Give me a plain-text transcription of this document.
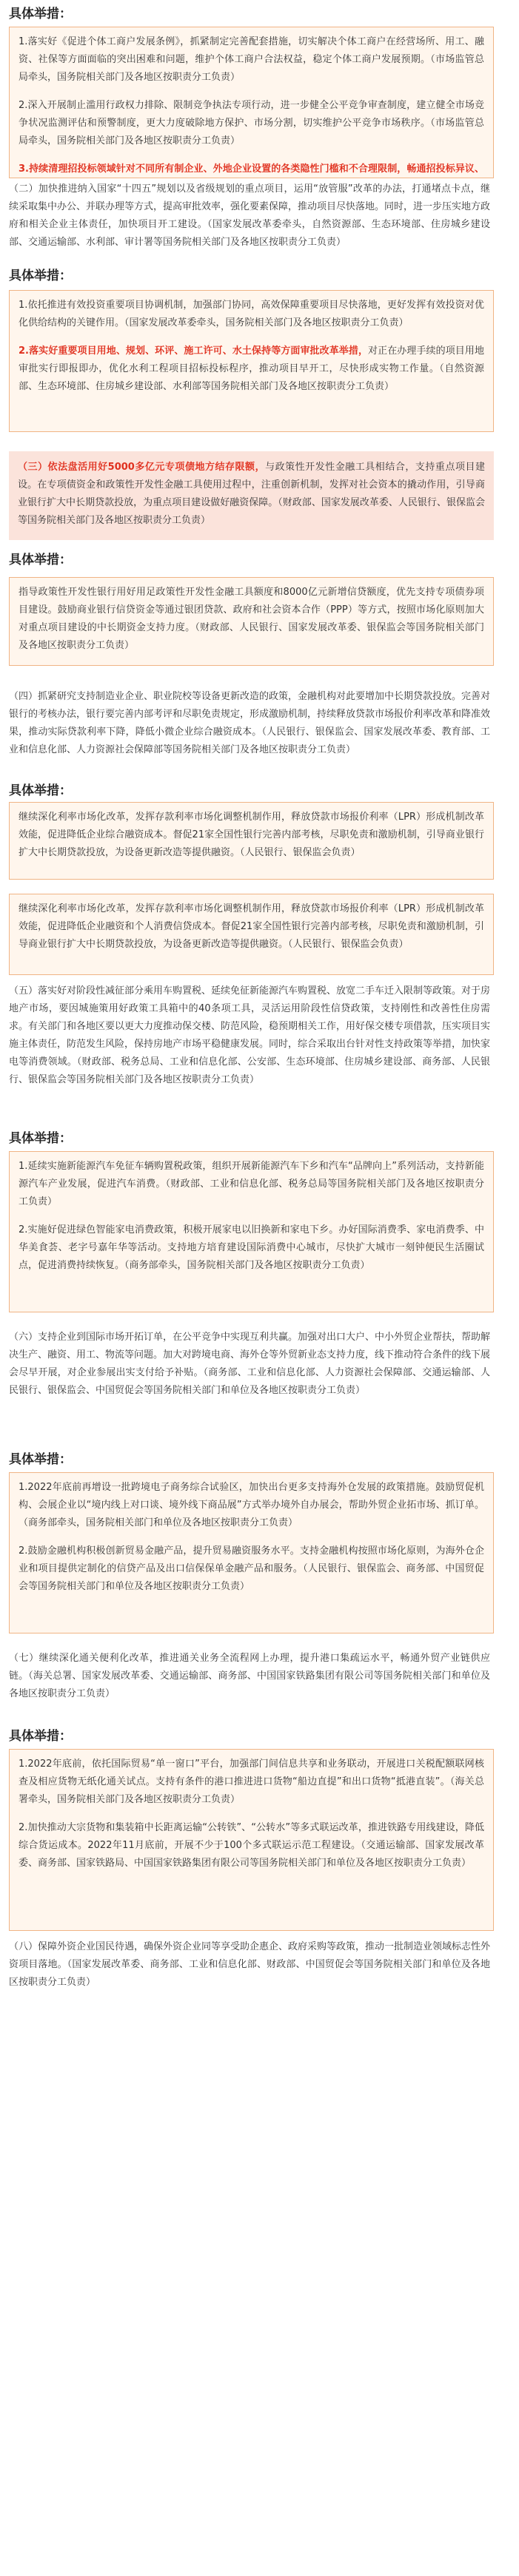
具体举措：

1.落实好《促进个体工商户发展条例》，抓紧制定完善配套措施，切实解决个体工商户在经营场所、用工、融资、社保等方面面临的突出困难和问题，维护个体工商户合法权益，稳定个体工商户发展预期。（市场监管总局牵头，国务院相关部门及各地区按职责分工负责）

2.深入开展制止滥用行政权力排除、限制竞争执法专项行动，进一步健全公平竞争审查制度，建立健全市场竞争状况监测评估和预警制度，更大力度破除地方保护、市场分割，切实维护公平竞争市场秩序。（市场监管总局牵头，国务院相关部门及各地区按职责分工负责）

3.持续清理招投标领域针对不同所有制企业、外地企业设置的各类隐性门槛和不合理限制，畅通招投标异议、

（二）加快推进纳入国家“十四五”规划以及省级规划的重点项目，运用“放管服”改革的办法，打通堵点卡点，继续采取集中办公、并联办理等方式，提高审批效率，强化要素保障，推动项目尽快落地。同时，进一步压实地方政府和相关企业主体责任，加快项目开工建设。（国家发展改革委牵头，自然资源部、生态环境部、住房城乡建设部、交通运输部、水利部、审计署等国务院相关部门及各地区按职责分工负责）

具体举措：

1.依托推进有效投资重要项目协调机制，加强部门协同，高效保障重要项目尽快落地，更好发挥有效投资对优化供给结构的关键作用。（国家发展改革委牵头，国务院相关部门及各地区按职责分工负责）

2.落实好重要项目用地、规划、环评、施工许可、水土保持等方面审批改革举措，对正在办理手续的项目用地审批实行即报即办，优化水利工程项目招标投标程序，推动项目早开工，尽快形成实物工作量。（自然资源部、生态环境部、住房城乡建设部、水利部等国务院相关部门及各地区按职责分工负责）

（三）依法盘活用好5000多亿元专项债地方结存限额，与政策性开发性金融工具相结合，支持重点项目建设。在专项债资金和政策性开发性金融工具使用过程中，注重创新机制，发挥对社会资本的撬动作用，引导商业银行扩大中长期贷款投放，为重点项目建设做好融资保障。（财政部、国家发展改革委、人民银行、银保监会等国务院相关部门及各地区按职责分工负责）

具体举措：

指导政策性开发性银行用好用足政策性开发性金融工具额度和8000亿元新增信贷额度，优先支持专项债券项目建设。鼓励商业银行信贷资金等通过银团贷款、政府和社会资本合作（PPP）等方式，按照市场化原则加大对重点项目建设的中长期资金支持力度。（财政部、人民银行、国家发展改革委、银保监会等国务院相关部门及各地区按职责分工负责）

（四）抓紧研究支持制造业企业、职业院校等设备更新改造的政策，金融机构对此要增加中长期贷款投放。完善对银行的考核办法，银行要完善内部考评和尽职免责规定，形成激励机制，持续释放贷款市场报价利率改革和降准效果，推动实际贷款利率下降，降低小微企业综合融资成本。（人民银行、银保监会、国家发展改革委、教育部、工业和信息化部、人力资源社会保障部等国务院相关部门及各地区按职责分工负责）

具体举措：

继续深化利率市场化改革，发挥存款利率市场化调整机制作用，释放贷款市场报价利率（LPR）形成机制改革效能，促进降低企业综合融资成本。督促21家全国性银行完善内部考核，尽职免责和激励机制，引导商业银行扩大中长期贷款投放，为设备更新改造等提供融资。（人民银行、银保监会负责）

继续深化利率市场化改革，发挥存款利率市场化调整机制作用，释放贷款市场报价利率（LPR）形成机制改革效能，促进降低企业融资和个人消费信贷成本。督促21家全国性银行完善内部考核，尽职免责和激励机制，引导商业银行扩大中长期贷款投放，为设备更新改造等提供融资。（人民银行、银保监会负责）

（五）落实好对阶段性减征部分乘用车购置税、延续免征新能源汽车购置税、放宽二手车迁入限制等政策。对于房地产市场，要因城施策用好政策工具箱中的40条项工具，灵活运用阶段性信贷政策，支持刚性和改善性住房需求。有关部门和各地区要以更大力度推动保交楼、防范风险，稳预期相关工作，用好保交楼专项借款，压实项目实施主体责任，防范发生风险，保持房地产市场平稳健康发展。同时，综合采取出台针对性支持政策等举措，加快家电等消费领域。（财政部、税务总局、工业和信息化部、公安部、生态环境部、住房城乡建设部、商务部、人民银行、银保监会等国务院相关部门及各地区按职责分工负责）

具体举措：

1.延续实施新能源汽车免征车辆购置税政策，组织开展新能源汽车下乡和汽车“品牌向上”系列活动，支持新能源汽车产业发展，促进汽车消费。（财政部、工业和信息化部、税务总局等国务院相关部门及各地区按职责分工负责）

2.实施好促进绿色智能家电消费政策，积极开展家电以旧换新和家电下乡。办好国际消费季、家电消费季、中华美食荟、老字号嘉年华等活动。支持地方培育建设国际消费中心城市，尽快扩大城市一刻钟便民生活圈试点，促进消费持续恢复。（商务部牵头，国务院相关部门及各地区按职责分工负责）

（六）支持企业到国际市场开拓订单，在公平竞争中实现互利共赢。加强对出口大户、中小外贸企业帮扶，帮助解决生产、融资、用工、物流等问题。加大对跨境电商、海外仓等外贸新业态支持力度，线下推动符合条件的线下展会尽早开展，对企业参展出实支付给予补贴。（商务部、工业和信息化部、人力资源社会保障部、交通运输部、人民银行、银保监会、中国贸促会等国务院相关部门和单位及各地区按职责分工负责）

具体举措：

1.2022年底前再增设一批跨境电子商务综合试验区，加快出台更多支持海外仓发展的政策措施。鼓励贸促机构、会展企业以“境内线上对口谈、境外线下商品展”方式举办境外自办展会，帮助外贸企业拓市场、抓订单。（商务部牵头，国务院相关部门和单位及各地区按职责分工负责）

2.鼓励金融机构积极创新贸易金融产品，提升贸易融资服务水平。支持金融机构按照市场化原则，为海外仓企业和项目提供定制化的信贷产品及出口信保保单金融产品和服务。（人民银行、银保监会、商务部、中国贸促会等国务院相关部门和单位及各地区按职责分工负责）

（七）继续深化通关便利化改革，推进通关业务全流程网上办理，提升港口集疏运水平，畅通外贸产业链供应链。（海关总署、国家发展改革委、交通运输部、商务部、中国国家铁路集团有限公司等国务院相关部门和单位及各地区按职责分工负责）

具体举措：

1.2022年底前，依托国际贸易“单一窗口”平台，加强部门间信息共享和业务联动，开展进口关税配额联网核查及相应货物无纸化通关试点。支持有条件的港口推进进口货物“船边直提”和出口货物“抵港直装”。（海关总署牵头，国务院相关部门及各地区按职责分工负责）

2.加快推动大宗货物和集装箱中长距离运输“公转铁”、“公转水”等多式联运改革，推进铁路专用线建设，降低综合货运成本。2022年11月底前，开展不少于100个多式联运示范工程建设。（交通运输部、国家发展改革委、商务部、国家铁路局、中国国家铁路集团有限公司等国务院相关部门和单位及各地区按职责分工负责）

（八）保障外资企业国民待遇，确保外资企业同等享受助企惠企、政府采购等政策，推动一批制造业领域标志性外资项目落地。（国家发展改革委、商务部、工业和信息化部、财政部、中国贸促会等国务院相关部门和单位及各地区按职责分工负责）
